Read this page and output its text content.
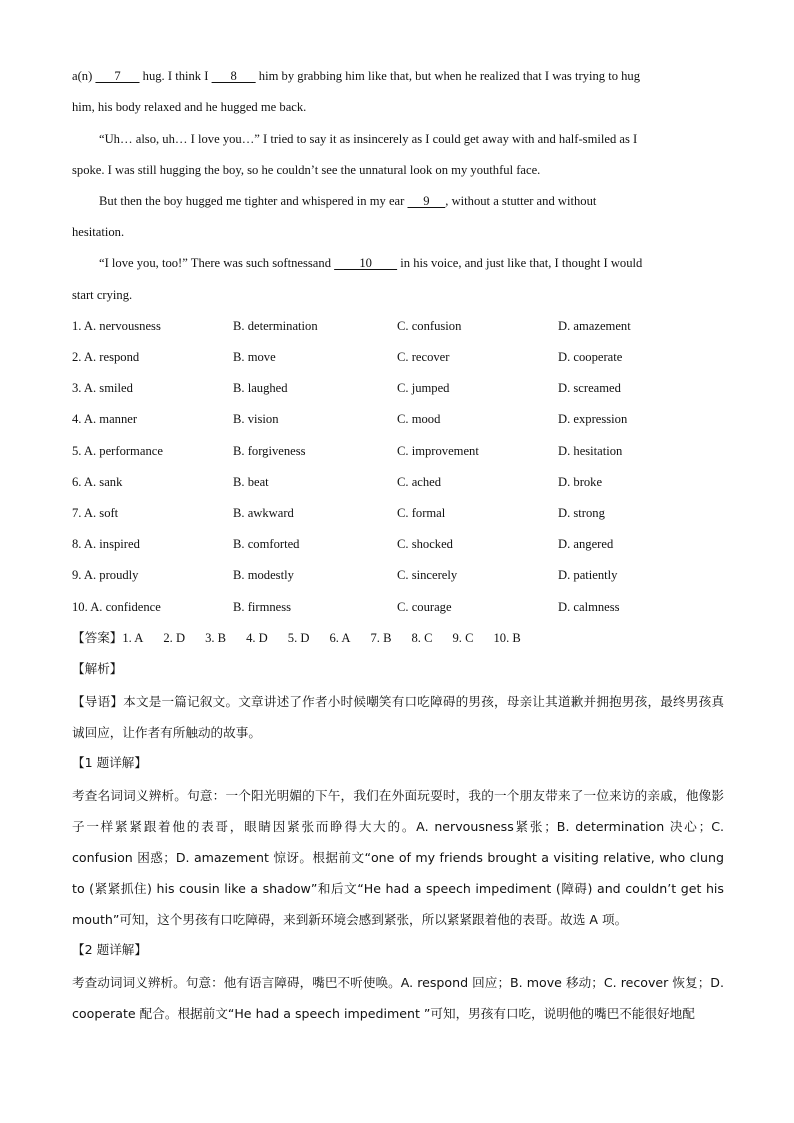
a(n)       7       hug. I think I       8       him by grabbing him like that, but when he realized that I was trying to hug
him, his body relaxed and he hugged me back.
“Uh… also, uh… I love you…” I tried to say it as insincerely as I could get away with and half-smiled as I
spoke. I was still hugging the boy, so he couldn’t see the unnatural look on my youthful face.
But then the boy hugged me tighter and whispered in my ear      9     , without a stutter and without
hesitation.
“I love you, too!” There was such softnessand         10         in his voice, and just like that, I thought I would
start crying.
1. A. nervousness	B. determination	C. confusion	D. amazement
2. A. respond	B. move	C. recover	D. cooperate
3. A. smiled	B. laughed	C. jumped	D. screamed
4. A. manner	B. vision	C. mood	D. expression
5. A. performance	B. forgiveness	C. improvement	D. hesitation
6. A. sank	B. beat	C. ached	D. broke
7. A. soft	B. awkward	C. formal	D. strong
8. A. inspired	B. comforted	C. shocked	D. angered
9. A. proudly	B. modestly	C. sincerely	D. patiently
10. A. confidence	B. firmness	C. courage	D. calmness
【答案】1. A 2. D 3. B 4. D 5. D 6. A 7. B 8. C 9. C 10. B
【解析】
【导语】本文是一篇记叙文。文章讲述了作者小时候嘲笑有口吃障碍的男孩，母亲让其道歉并拥抱男孩，最终男孩真诚回应，让作者有所触动的故事。
【1 题详解】
考查名词词义辨析。句意：一个阳光明媚的下午，我们在外面玩耍时，我的一个朋友带来了一位来访的亲戚，他像影子一样紧紧跟着他的表哥，眼睛因紧张而睁得大大的。A. nervousness紧张；B. determination 决心；C. confusion 困惑；D. amazement 惊讶。根据前文“one of my friends brought a visiting relative, who clung to (紧紧抓住) his cousin like a shadow”和后文“He had a speech impediment (障碍) and couldn’t get his mouth”可知，这个男孩有口吃障碍，来到新环境会感到紧张，所以紧紧跟着他的表哥。故选 A 项。
【2 题详解】
考查动词词义辨析。句意：他有语言障碍，嘴巴不听使唤。A. respond 回应；B. move 移动；C. recover 恢复；D. cooperate 配合。根据前文“He had a speech impediment ”可知，男孩有口吃，说明他的嘴巴不能很好地配
